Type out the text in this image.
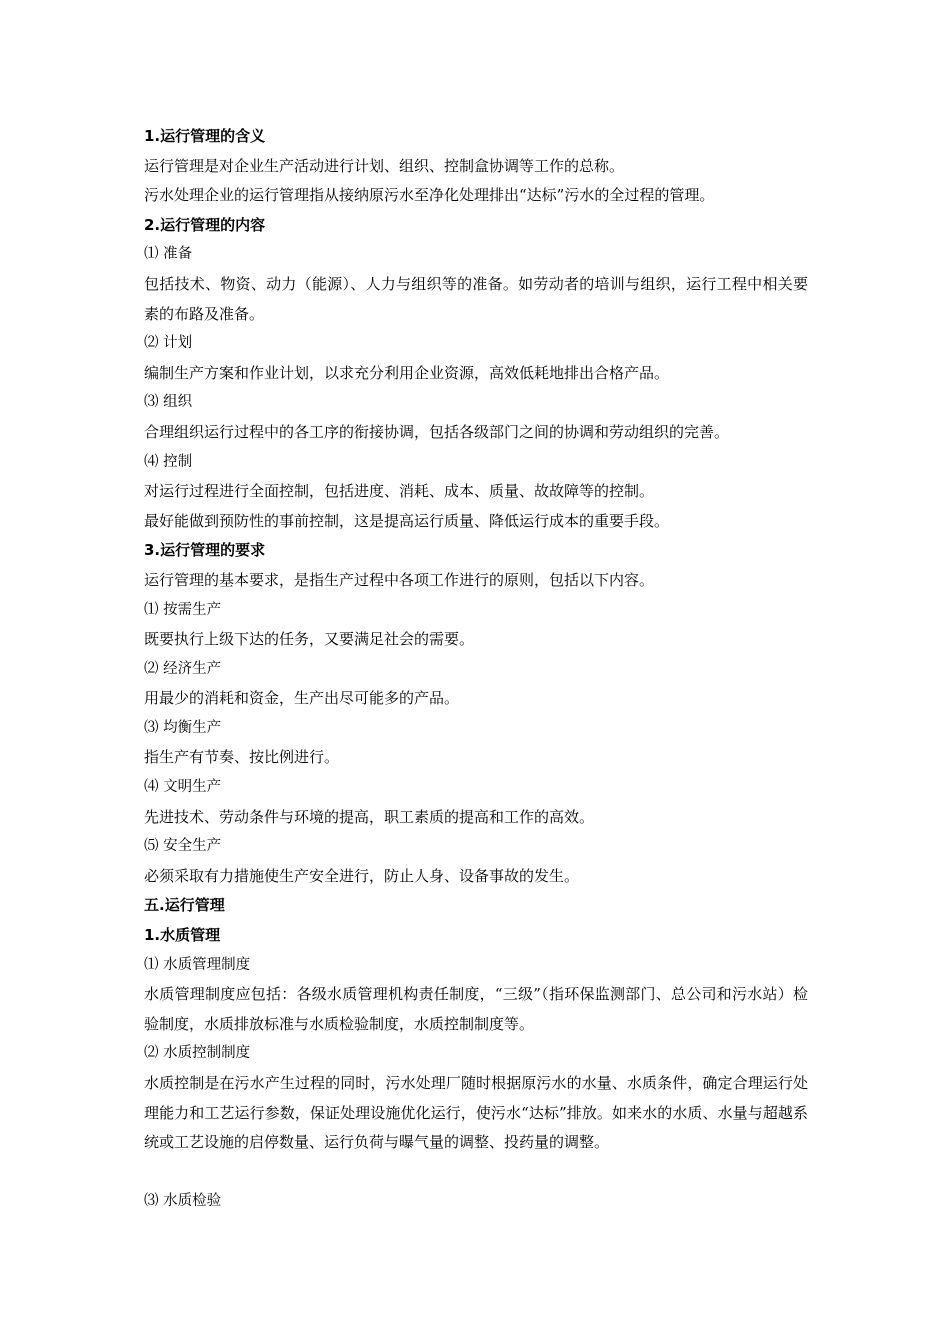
1.运行管理的含义
运行管理是对企业生产活动进行计划、组织、控制盒协调等工作的总称。
污水处理企业的运行管理指从接纳原污水至净化处理排出“达标”污水的全过程的管理。
2.运行管理的内容
⑴ 准备
包括技术、物资、动力（能源）、人力与组织等的准备。如劳动者的培训与组织，运行工程中相关要素的布路及准备。
⑵ 计划
编制生产方案和作业计划，以求充分利用企业资源，高效低耗地排出合格产品。
⑶ 组织
合理组织运行过程中的各工序的衔接协调，包括各级部门之间的协调和劳动组织的完善。
⑷ 控制
对运行过程进行全面控制，包括进度、消耗、成本、质量、故故障等的控制。
最好能做到预防性的事前控制，这是提高运行质量、降低运行成本的重要手段。
3.运行管理的要求
运行管理的基本要求，是指生产过程中各项工作进行的原则，包括以下内容。
⑴ 按需生产
既要执行上级下达的任务，又要满足社会的需要。
⑵ 经济生产
用最少的消耗和资金，生产出尽可能多的产品。
⑶ 均衡生产
指生产有节奏、按比例进行。
⑷ 文明生产
先进技术、劳动条件与环境的提高，职工素质的提高和工作的高效。
⑸ 安全生产
必须采取有力措施使生产安全进行，防止人身、设备事故的发生。
五.运行管理
1.水质管理
⑴ 水质管理制度
水质管理制度应包括：各级水质管理机构责任制度，“三级”（指环保监测部门、总公司和污水站）检验制度，水质排放标准与水质检验制度，水质控制制度等。
⑵ 水质控制制度
水质控制是在污水产生过程的同时，污水处理厂随时根据原污水的水量、水质条件，确定合理运行处理能力和工艺运行参数，保证处理设施优化运行，使污水“达标”排放。如来水的水质、水量与超越系统或工艺设施的启停数量、运行负荷与曝气量的调整、投药量的调整。
⑶ 水质检验
